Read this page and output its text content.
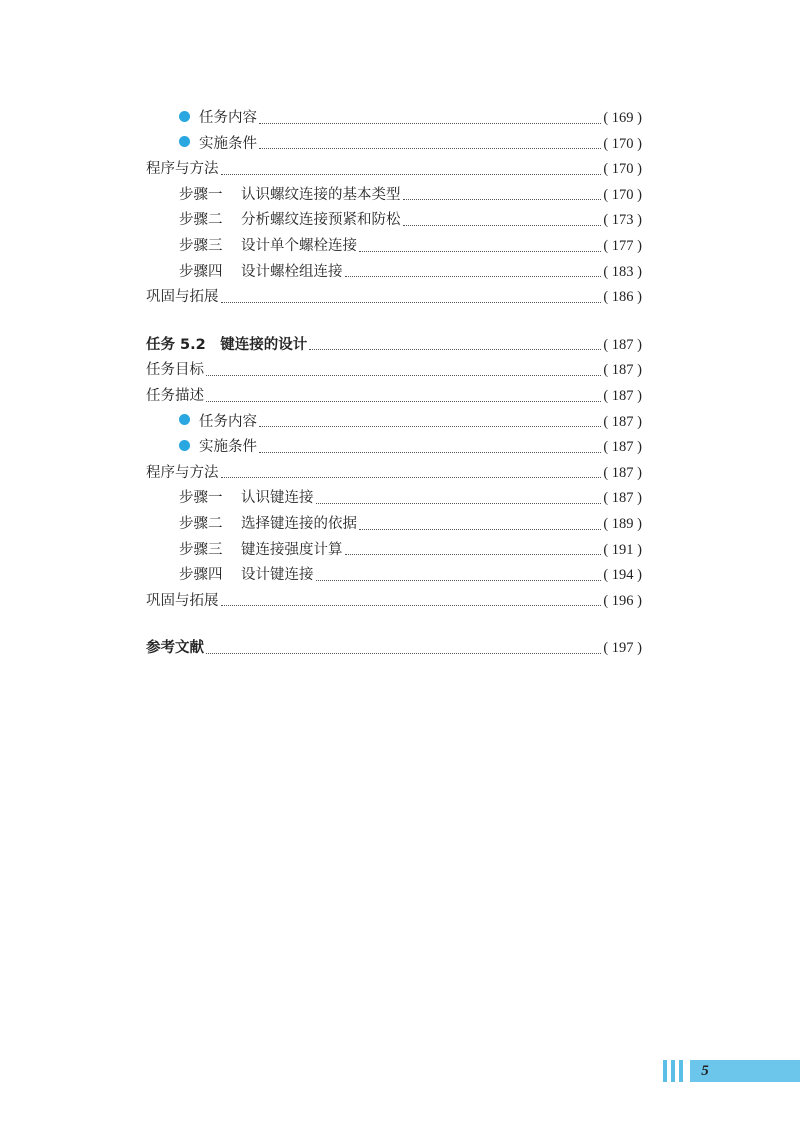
任务内容	( 169 )
实施条件	( 170 )
程序与方法	( 170 )
步骤一 认识螺纹连接的基本类型	( 170 )
步骤二 分析螺纹连接预紧和防松	( 173 )
步骤三 设计单个螺栓连接	( 177 )
步骤四 设计螺栓组连接	( 183 )
巩固与拓展	( 186 )
任务 5.2　键连接的设计	( 187 )
任务目标	( 187 )
任务描述	( 187 )
任务内容	( 187 )
实施条件	( 187 )
程序与方法	( 187 )
步骤一 认识键连接	( 187 )
步骤二 选择键连接的依据	( 189 )
步骤三 键连接强度计算	( 191 )
步骤四 设计键连接	( 194 )
巩固与拓展	( 196 )
参考文献	( 197 )
5
